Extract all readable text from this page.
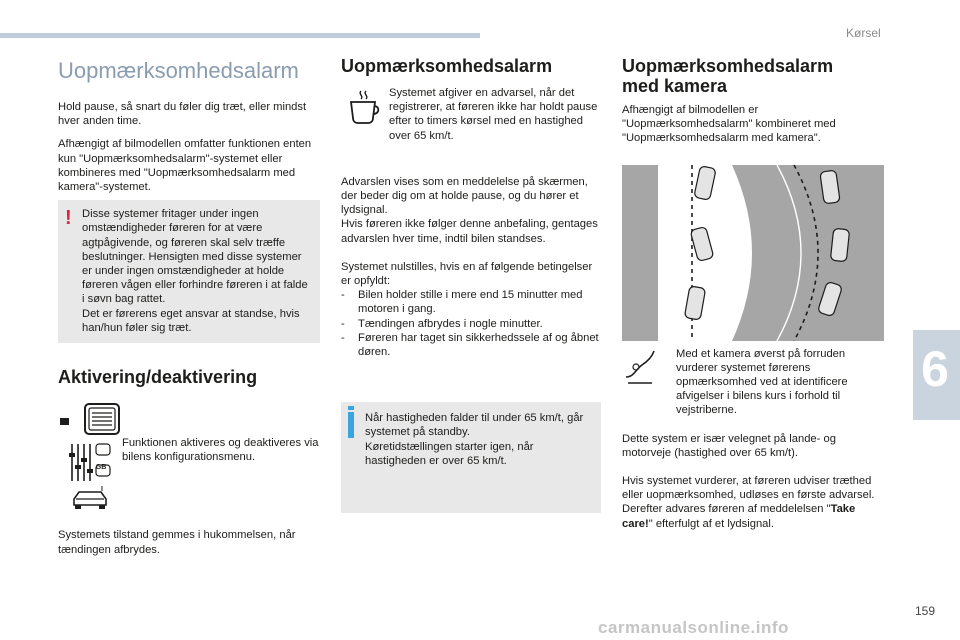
Kørsel
6
159
carmanualsonline.info
Uopmærksomhedsalarm

Hold pause, så snart du føler dig træt, eller mindst hver anden time.

Afhængigt af bilmodellen omfatter funktionen enten kun "Uopmærksomhedsalarm"-systemet eller kombineres med "Uopmærksomhedsalarm med kamera"-systemet.

! Disse systemer fritager under ingen omstændigheder føreren for at være agtpågivende, og føreren skal selv træffe beslutninger. Hensigten med disse systemer er under ingen omstændigheder at holde føreren vågen eller forhindre føreren i at falde i søvn bag rattet.

Det er førerens eget ansvar at standse, hvis han/hun føler sig træt.

Aktivering/deaktivering

Funktionen aktiveres og deaktiveres via bilens konfigurationsmenu.

GB
I

Systemets tilstand gemmes i hukommelsen, når tændingen afbrydes.

Uopmærksomhedsalarm

Systemet afgiver en advarsel, når det registrerer, at føreren ikke har holdt pause efter to timers kørsel med en hastighed over 65 km/t.

Advarslen vises som en meddelelse på skærmen, der beder dig om at holde pause, og du hører et lydsignal.

Hvis føreren ikke følger denne anbefaling, gentages advarslen hver time, indtil bilen standses.

Systemet nulstilles, hvis en af følgende betingelser er opfyldt:

-	Bilen holder stille i mere end 15 minutter med motoren i gang.
-	Tændingen afbrydes i nogle minutter.
-	Føreren har taget sin sikkerhedssele af og åbnet døren.

Når hastigheden falder til under 65 km/t, går systemet på standby.

Køretidstællingen starter igen, når hastigheden er over 65 km/t.

Uopmærksomhedsalarm
med kamera

Afhængigt af bilmodellen er "Uopmærksomhedsalarm" kombineret med "Uopmærksomhedsalarm med kamera".

Med et kamera øverst på forruden vurderer systemet førerens opmærksomhed ved at identificere afvigelser i bilens kurs i forhold til vejstriberne.

Dette system er især velegnet på lande- og motorveje (hastighed over 65 km/t).

Hvis systemet vurderer, at føreren udviser træthed eller uopmærksomhed, udløses en første advarsel.

Derefter advares føreren af meddelelsen "Take care!" efterfulgt af et lydsignal.
